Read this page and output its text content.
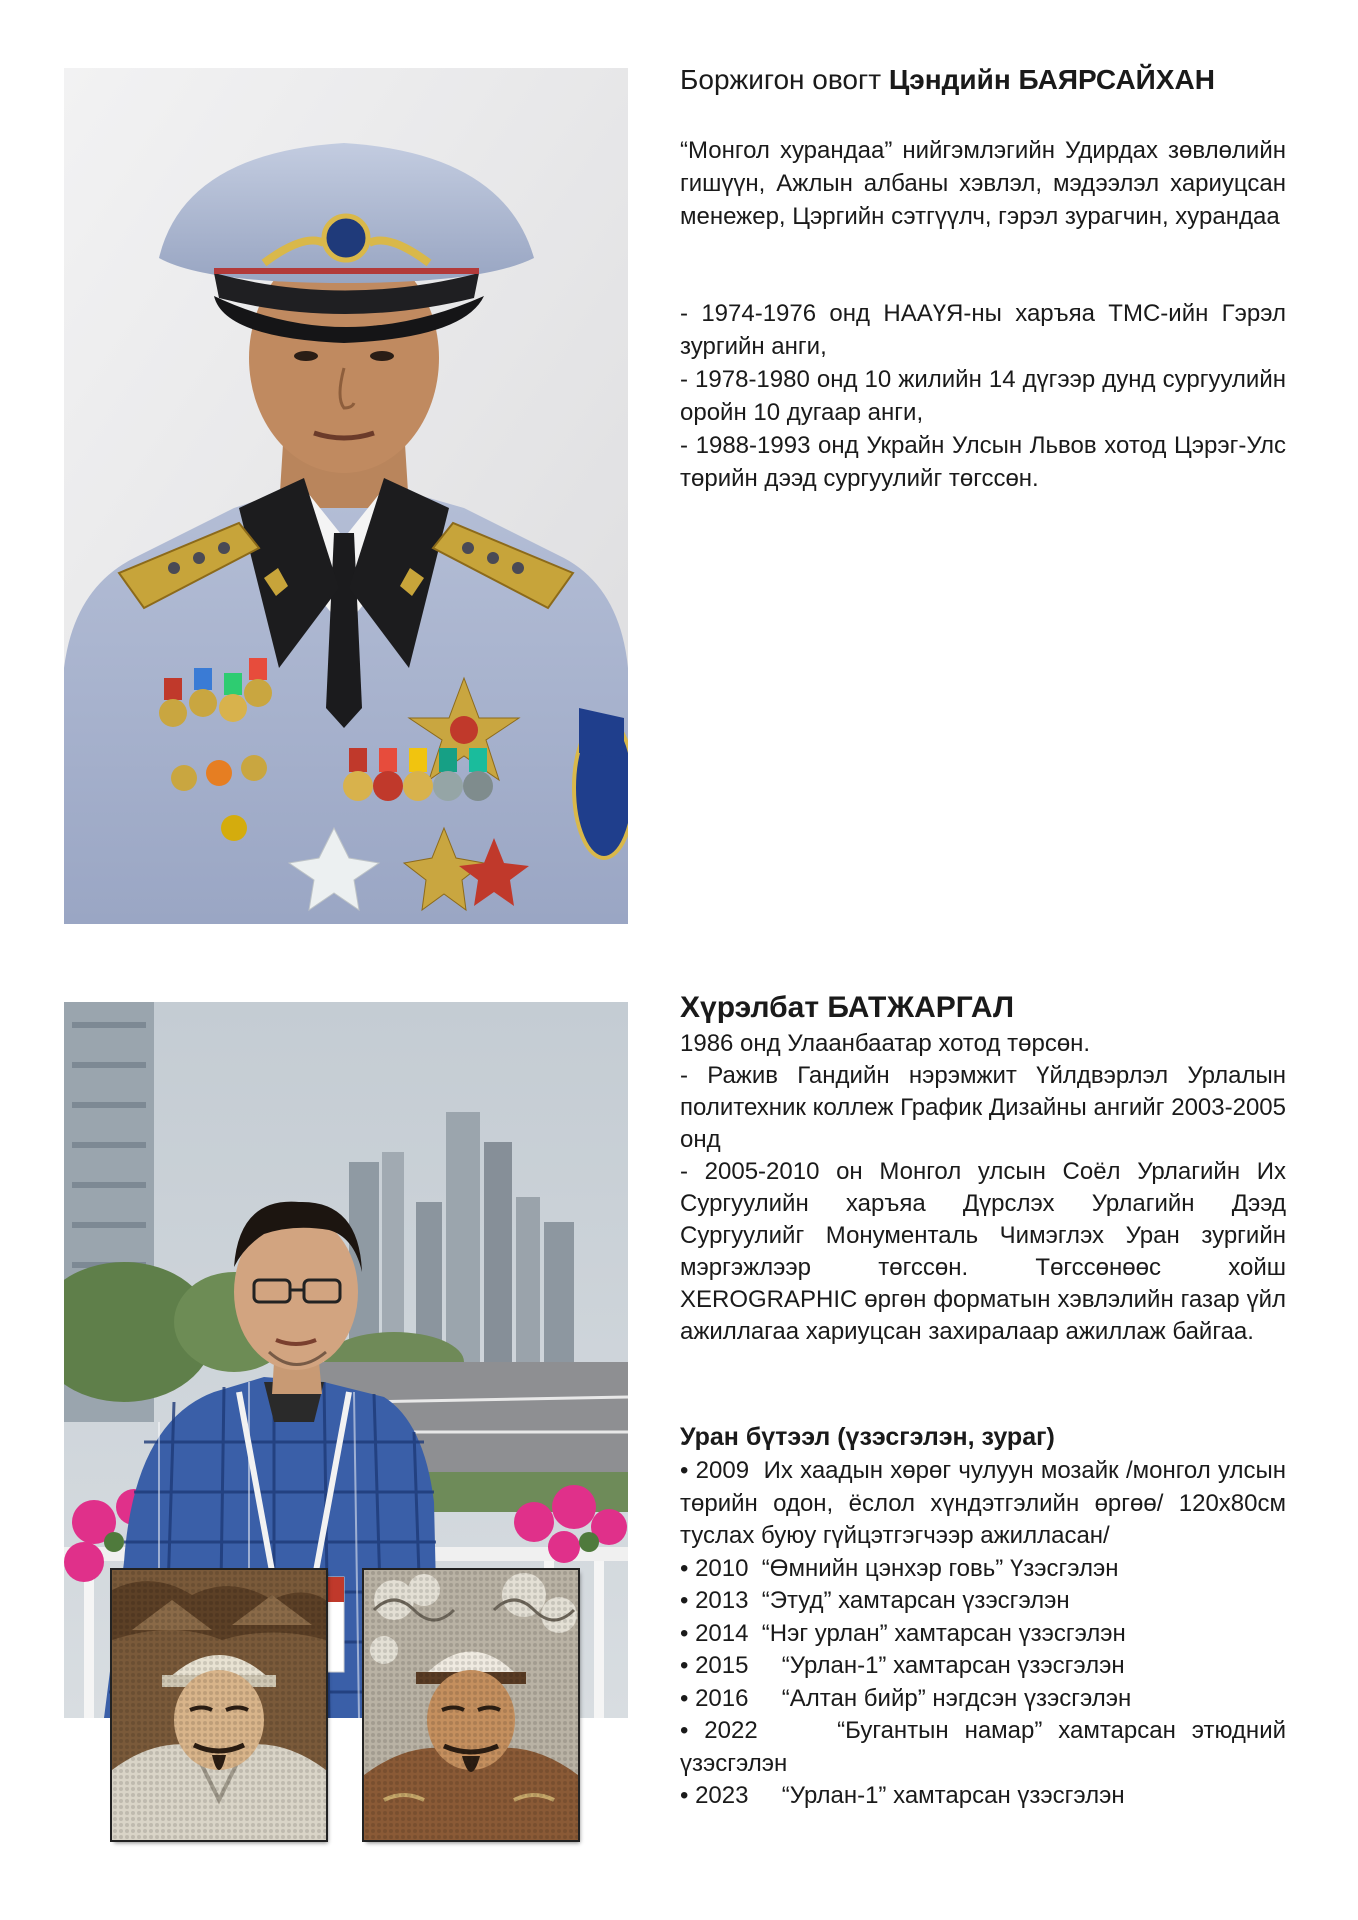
Боржигон овогт Цэндийн БАЯРСАЙХАН

“Монгол хурандаа” нийгэмлэгийн Удирдах зөвлөлийн гишүүн, Ажлын албаны хэвлэл, мэдээлэл хариуцсан менежер, Цэргийн сэтгүүлч, гэрэл зурагчин, хурандаа

- 1974-1976 онд НААҮЯ-ны харъяа ТМС-ийн Гэрэл зургийн анги,

- 1978-1980 онд 10 жилийн 14 дүгээр дунд сургуулийн оройн 10 дугаар анги,

- 1988-1993 онд Украйн Улсын Львов хотод Цэрэг-Улс төрийн дээд сургуулийг төгссөн.

Хүрэлбат БАТЖАРГАЛ

1986 онд Улаанбаатар хотод төрсөн.

- Ражив Гандийн нэрэмжит Үйлдвэрлэл Урлалын политехник коллеж График Дизайны ангийг 2003-2005 онд

- 2005-2010 он Монгол улсын Соёл Урлагийн Их Сургуулийн харъяа Дүрслэх Урлагийн Дээд Сургуулийг Монументаль Чимэглэх Уран зургийн мэргэжлээр төгссөн. Төгссөнөөс хойш XEROGRAPHIC өргөн форматын хэвлэлийн газар үйл ажиллагаа хариуцсан захиралаар ажиллаж байгаа.

Уран бүтээл (үзэсгэлэн, зураг)
• 2009  Их хаадын хөрөг чулуун мозайк /монгол улсын төрийн одон, ёслол хүндэтгэлийн өргөө/ 120x80см туслах буюу гүйцэтгэгчээр ажилласан/
• 2010  “Өмнийн цэнхэр говь” Үзэсгэлэн
• 2013  “Этуд” хамтарсан үзэсгэлэн
• 2014  “Нэг урлан” хамтарсан үзэсгэлэн
• 2015     “Урлан-1” хамтарсан үзэсгэлэн
• 2016     “Алтан бийр” нэгдсэн үзэсгэлэн
• 2022     “Бугантын намар” хамтарсан этюдний үзэсгэлэн
• 2023     “Урлан-1” хамтарсан үзэсгэлэн
